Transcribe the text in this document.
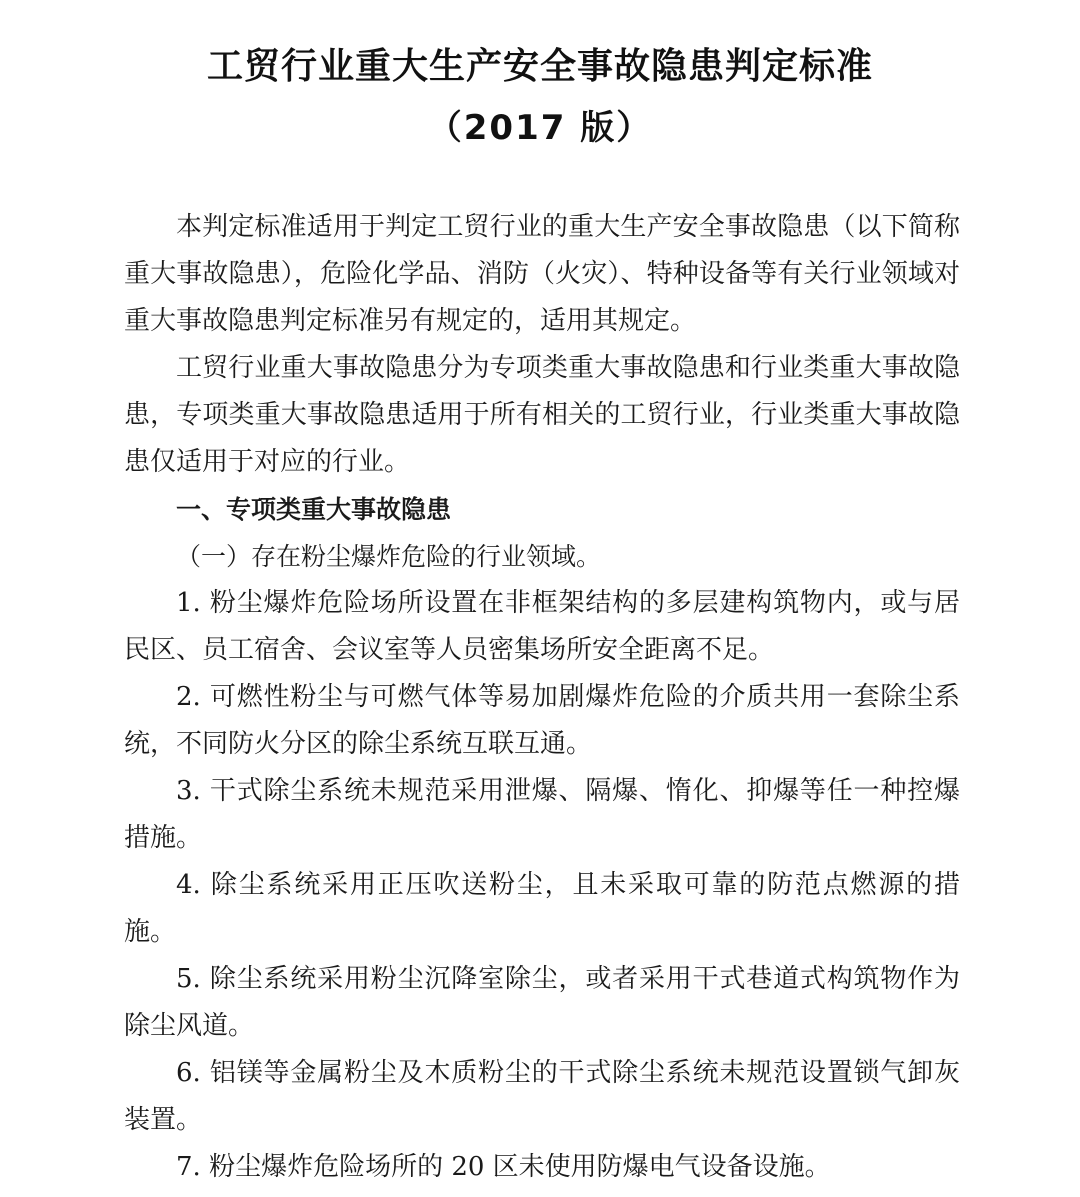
工贸行业重大生产安全事故隐患判定标准
（2017 版）

本判定标准适用于判定工贸行业的重大生产安全事故隐患（以下简称重大事故隐患），危险化学品、消防（火灾）、特种设备等有关行业领域对重大事故隐患判定标准另有规定的，适用其规定。

工贸行业重大事故隐患分为专项类重大事故隐患和行业类重大事故隐患，专项类重大事故隐患适用于所有相关的工贸行业，行业类重大事故隐患仅适用于对应的行业。

一、专项类重大事故隐患

（一）存在粉尘爆炸危险的行业领域。

1. 粉尘爆炸危险场所设置在非框架结构的多层建构筑物内，或与居民区、员工宿舍、会议室等人员密集场所安全距离不足。

2. 可燃性粉尘与可燃气体等易加剧爆炸危险的介质共用一套除尘系统，不同防火分区的除尘系统互联互通。

3. 干式除尘系统未规范采用泄爆、隔爆、惰化、抑爆等任一种控爆措施。

4. 除尘系统采用正压吹送粉尘，且未采取可靠的防范点燃源的措施。

5. 除尘系统采用粉尘沉降室除尘，或者采用干式巷道式构筑物作为除尘风道。

6. 铝镁等金属粉尘及木质粉尘的干式除尘系统未规范设置锁气卸灰装置。

7. 粉尘爆炸危险场所的 20 区未使用防爆电气设备设施。
